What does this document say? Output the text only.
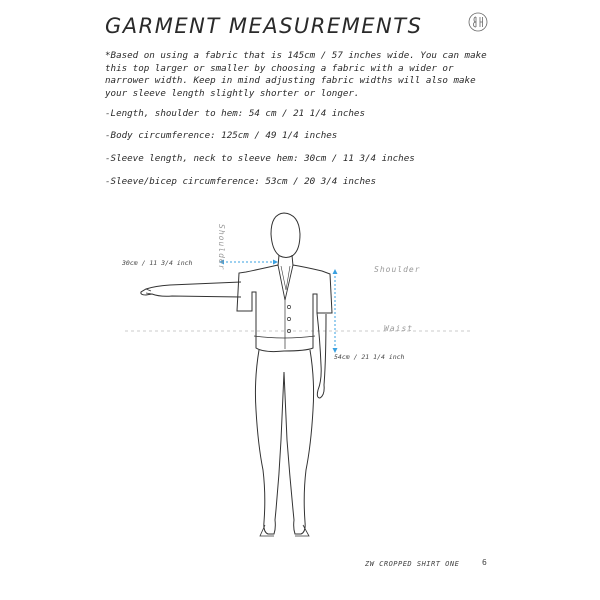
GARMENT MEASUREMENTS
*Based on using a fabric that is 145cm / 57 inches wide. You can make this top larger or smaller by choosing a fabric with a wider or narrower width. Keep in mind adjusting fabric widths will also make your sleeve length slightly shorter or longer.
-Length, shoulder to hem: 54 cm / 21 1/4 inches
-Body circumference: 125cm / 49 1/4 inches
-Sleeve length, neck to sleeve hem: 30cm / 11 3/4 inches
-Sleeve/bicep circumference: 53cm / 20 3/4 inches
30cm / 11 3/4 inch
54cm / 21 1/4 inch
Shoulder
Waist
Shoulder
ZW CROPPED SHIRT ONE	6
